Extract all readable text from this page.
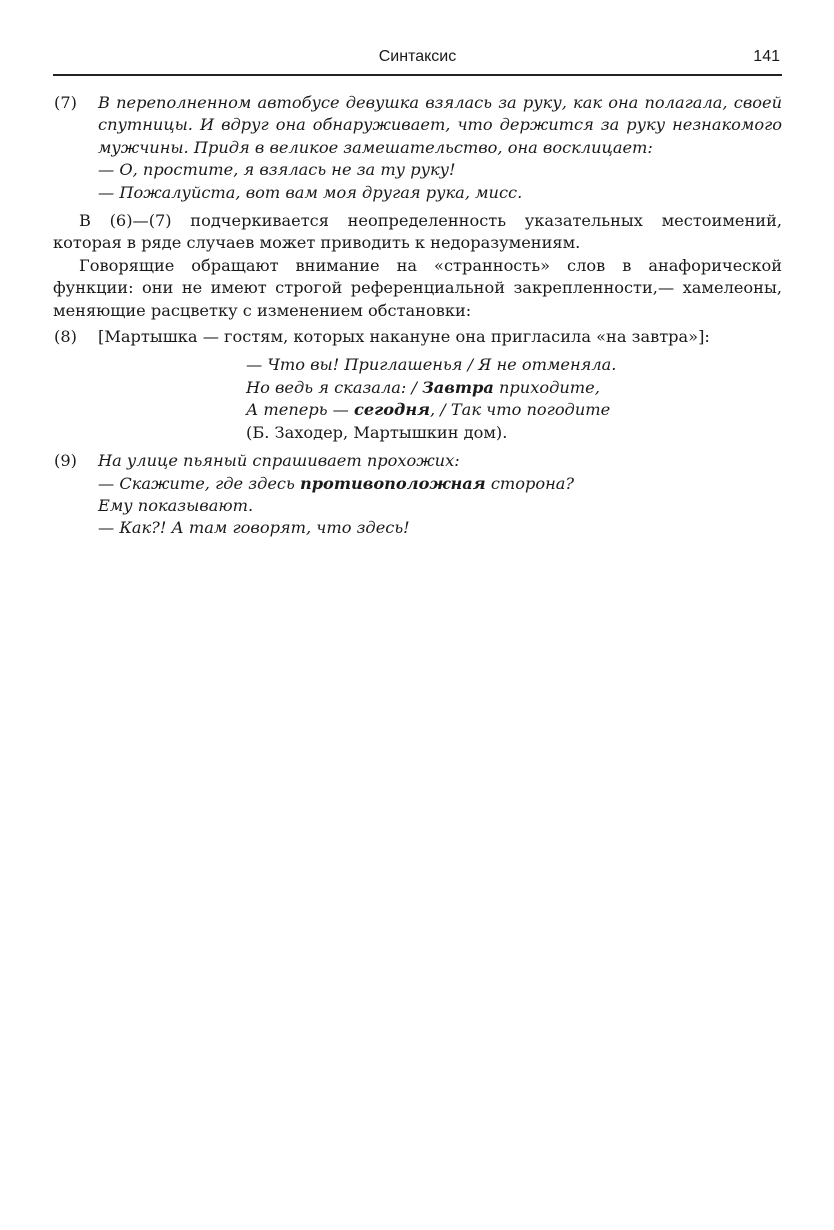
Синтаксис	141
(7) В переполненном автобусе девушка взялась за руку, как она полагала, своей спутницы. И вдруг она обнаруживает, что держится за руку незнакомого мужчины. Придя в великое замешательство, она восклицает:
— О, простите, я взялась не за ту руку!
— Пожалуйста, вот вам моя другая рука, мисс.

В (6)—(7) подчеркивается неопределенность указательных местоимений, которая в ряде случаев может приводить к недоразумениям.

Говорящие обращают внимание на «странность» слов в анафорической функции: они не имеют строгой референциальной закрепленности,— хамелеоны, меняющие расцветку с изменением обстановки:

(8) [Мартышка — гостям, которых накануне она пригласила «на завтра»]:
— Что вы! Приглашенья / Я не отменяла.
Но ведь я сказала: / Завтра приходите,
А теперь — сегодня, / Так что погодите
(Б. Заходер, Мартышкин дом).
(9) На улице пьяный спрашивает прохожих:
— Скажите, где здесь противоположная сторона?
Ему показывают.
— Как?! А там говорят, что здесь!
